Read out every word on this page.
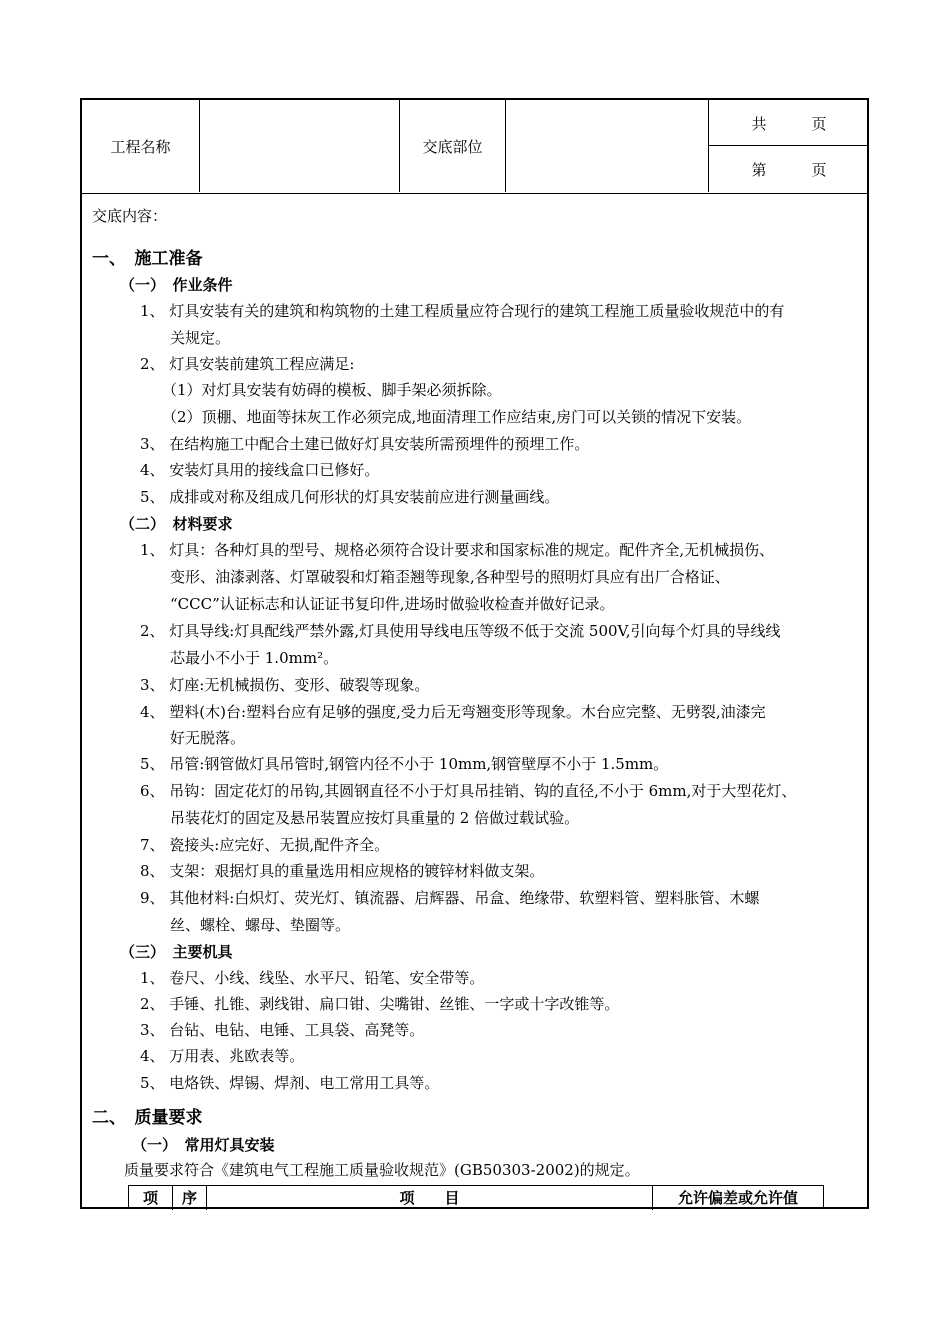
工程名称	交底部位
共　　　页
第　　　页
交底内容：
一、　施工准备
（一）　作业条件
1、 灯具安装有关的建筑和构筑物的土建工程质量应符合现行的建筑工程施工质量验收规范中的有
关规定。
2、 灯具安装前建筑工程应满足:
（1）对灯具安装有妨碍的模板、脚手架必须拆除。
（2）顶棚、地面等抹灰工作必须完成,地面清理工作应结束,房门可以关锁的情况下安装。
3、 在结构施工中配合土建已做好灯具安装所需预埋件的预埋工作。
4、 安装灯具用的接线盒口已修好。
5、 成排或对称及组成几何形状的灯具安装前应进行测量画线。
（二）　材料要求
1、 灯具：各种灯具的型号、规格必须符合设计要求和国家标准的规定。配件齐全,无机械损伤、
变形、油漆剥落、灯罩破裂和灯箱歪翘等现象,各种型号的照明灯具应有出厂合格证、
“CCC”认证标志和认证证书复印件,进场时做验收检查并做好记录。
2、 灯具导线:灯具配线严禁外露,灯具使用导线电压等级不低于交流 500V,引向每个灯具的导线线
芯最小不小于 1.0mm²。
3、 灯座:无机械损伤、变形、破裂等现象。
4、 塑料(木)台:塑料台应有足够的强度,受力后无弯翘变形等现象。木台应完整、无劈裂,油漆完
好无脱落。
5、 吊管:钢管做灯具吊管时,钢管内径不小于 10mm,钢管壁厚不小于 1.5mm。
6、 吊钩：固定花灯的吊钩,其圆钢直径不小于灯具吊挂销、钩的直径,不小于 6mm,对于大型花灯、
吊装花灯的固定及悬吊装置应按灯具重量的 2 倍做过载试验。
7、 瓷接头:应完好、无损,配件齐全。
8、 支架：艰据灯具的重量选用相应规格的镀锌材料做支架。
9、 其他材料:白炽灯、荧光灯、镇流器、启辉器、吊盒、绝缘带、软塑料管、塑料胀管、木螺
丝、螺栓、螺母、垫圈等。
（三）　主要机具
1、 卷尺、小线、线坠、水平尺、铅笔、安全带等。
2、 手锤、扎锥、剥线钳、扁口钳、尖嘴钳、丝锥、一字或十字改锥等。
3、 台钻、电钻、电锤、工具袋、高凳等。
4、 万用表、兆欧表等。
5、 电烙铁、焊锡、焊剂、电工常用工具等。
二、　质量要求
（一）　常用灯具安装
质量要求符合《建筑电气工程施工质量验收规范》(GB50303-2002)的规定。
项	序	项　　目	允许偏差或允许值
